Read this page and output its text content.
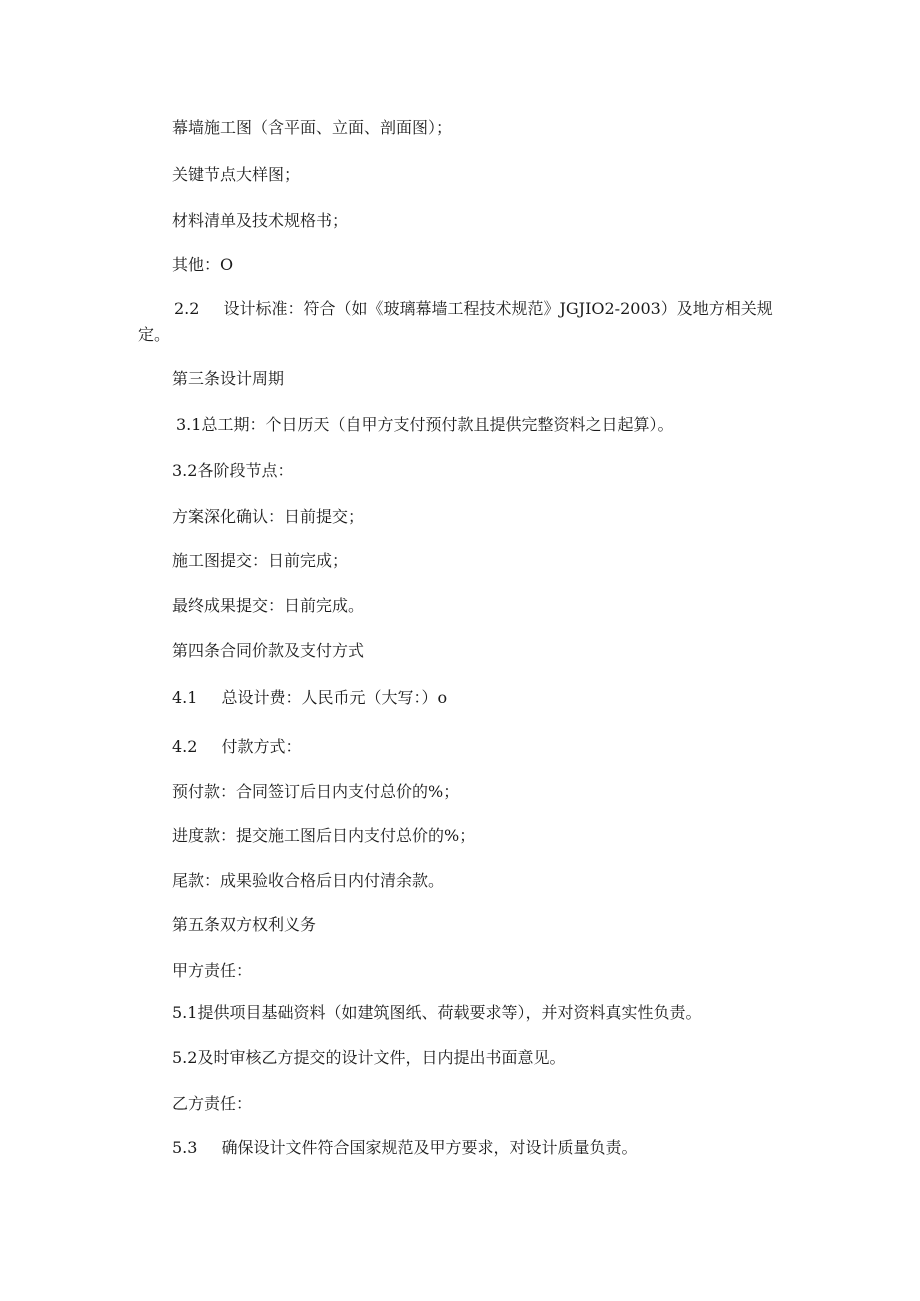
幕墙施工图（含平面、立面、剖面图）；

关键节点大样图；

材料清单及技术规格书；

其他：O

2.2 设计标准：符合（如《玻璃幕墙工程技术规范》JGJIO2-2003）及地方相关规定。

第三条设计周期

3.1总工期：个日历天（自甲方支付预付款且提供完整资料之日起算）。

3.2各阶段节点：

方案深化确认：日前提交；

施工图提交：日前完成；

最终成果提交：日前完成。

第四条合同价款及支付方式

4.1 总设计费：人民币元（大写：）o

4.2 付款方式：

预付款：合同签订后日内支付总价的%；

进度款：提交施工图后日内支付总价的%；

尾款：成果验收合格后日内付清余款。

第五条双方权利义务

甲方责任：

5.1提供项目基础资料（如建筑图纸、荷载要求等），并对资料真实性负责。

5.2及时审核乙方提交的设计文件，日内提出书面意见。

乙方责任：

5.3 确保设计文件符合国家规范及甲方要求，对设计质量负责。
